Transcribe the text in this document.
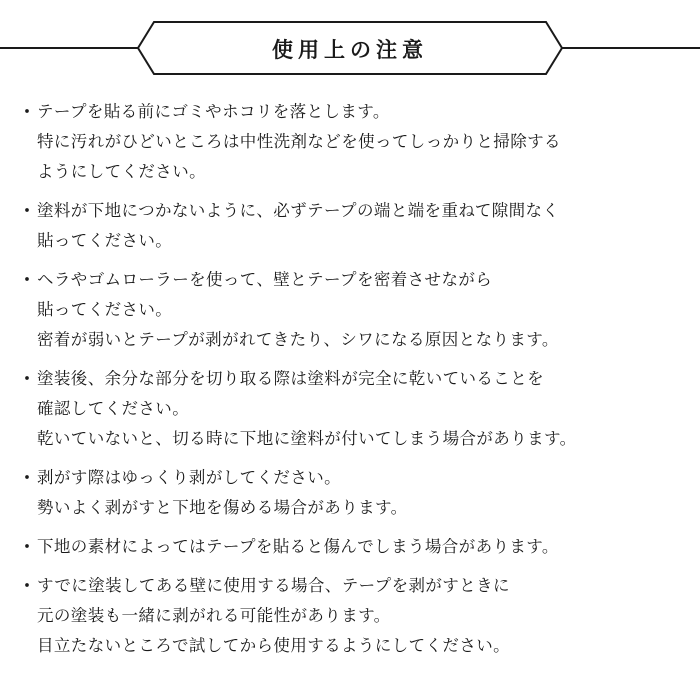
使用上の注意
・ テープを貼る前にゴミやホコリを落とします。
特に汚れがひどいところは中性洗剤などを使ってしっかりと掃除する
ようにしてください。
・ 塗料が下地につかないように、必ずテープの端と端を重ねて隙間なく
貼ってください。
・ ヘラやゴムローラーを使って、壁とテープを密着させながら
貼ってください。
密着が弱いとテープが剥がれてきたり、シワになる原因となります。
・ 塗装後、余分な部分を切り取る際は塗料が完全に乾いていることを
確認してください。
乾いていないと、切る時に下地に塗料が付いてしまう場合があります。
・ 剥がす際はゆっくり剥がしてください。
勢いよく剥がすと下地を傷める場合があります。
・ 下地の素材によってはテープを貼ると傷んでしまう場合があります。
・ すでに塗装してある壁に使用する場合、テープを剥がすときに
元の塗装も一緒に剥がれる可能性があります。
目立たないところで試してから使用するようにしてください。
